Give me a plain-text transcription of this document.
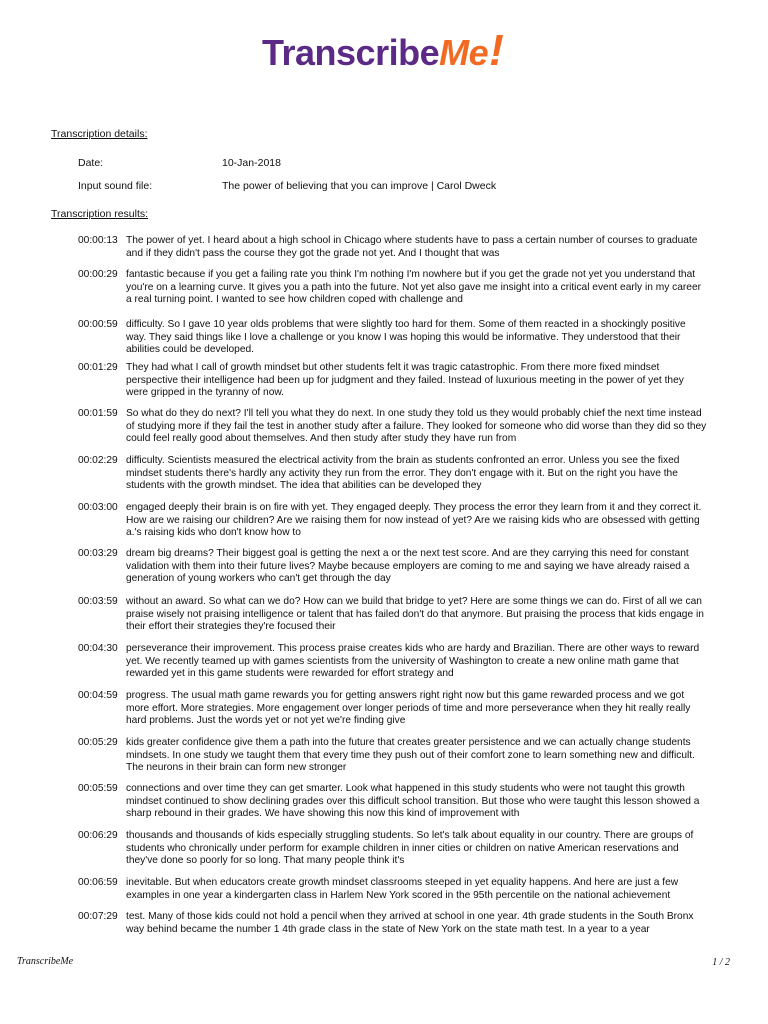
Transcribe Me !
Transcription details:
Date:	10-Jan-2018
Input sound file:	The power of believing that you can improve | Carol Dweck
Transcription results:
00:00:13 The power of yet. I heard about a high school in Chicago where students have to pass a certain number of courses to graduate and if they didn't pass the course they got the grade not yet. And I thought that was
00:00:29 fantastic because if you get a failing rate you think I'm nothing I'm nowhere but if you get the grade not yet you understand that you're on a learning curve. It gives you a path into the future. Not yet also gave me insight into a critical event early in my career a real turning point. I wanted to see how children coped with challenge and
00:00:59 difficulty. So I gave 10 year olds problems that were slightly too hard for them. Some of them reacted in a shockingly positive way. They said things like I love a challenge or you know I was hoping this would be informative. They understood that their abilities could be developed.
00:01:29 They had what I call of growth mindset but other students felt it was tragic catastrophic. From there more fixed mindset perspective their intelligence had been up for judgment and they failed. Instead of luxurious meeting in the power of yet they were gripped in the tyranny of now.
00:01:59 So what do they do next? I'll tell you what they do next. In one study they told us they would probably chief the next time instead of studying more if they fail the test in another study after a failure. They looked for someone who did worse than they did so they could feel really good about themselves. And then study after study they have run from
00:02:29 difficulty. Scientists measured the electrical activity from the brain as students confronted an error. Unless you see the fixed mindset students there's hardly any activity they run from the error. They don't engage with it. But on the right you have the students with the growth mindset. The idea that abilities can be developed they
00:03:00 engaged deeply their brain is on fire with yet. They engaged deeply. They process the error they learn from it and they correct it. How are we raising our children? Are we raising them for now instead of yet? Are we raising kids who are obsessed with getting a.'s raising kids who don't know how to
00:03:29 dream big dreams? Their biggest goal is getting the next a or the next test score. And are they carrying this need for constant validation with them into their future lives? Maybe because employers are coming to me and saying we have already raised a generation of young workers who can't get through the day
00:03:59 without an award. So what can we do? How can we build that bridge to yet? Here are some things we can do. First of all we can praise wisely not praising intelligence or talent that has failed don't do that anymore. But praising the process that kids engage in their effort their strategies they're focused their
00:04:30 perseverance their improvement. This process praise creates kids who are hardy and Brazilian. There are other ways to reward yet. We recently teamed up with games scientists from the university of Washington to create a new online math game that rewarded yet in this game students were rewarded for effort strategy and
00:04:59 progress. The usual math game rewards you for getting answers right right now but this game rewarded process and we got more effort. More strategies. More engagement over longer periods of time and more perseverance when they hit really really hard problems. Just the words yet or not yet we're finding give
00:05:29 kids greater confidence give them a path into the future that creates greater persistence and we can actually change students mindsets. In one study we taught them that every time they push out of their comfort zone to learn something new and difficult. The neurons in their brain can form new stronger
00:05:59 connections and over time they can get smarter. Look what happened in this study students who were not taught this growth mindset continued to show declining grades over this difficult school transition. But those who were taught this lesson showed a sharp rebound in their grades. We have showing this now this kind of improvement with
00:06:29 thousands and thousands of kids especially struggling students. So let's talk about equality in our country. There are groups of students who chronically under perform for example children in inner cities or children on native American reservations and they've done so poorly for so long. That many people think it's
00:06:59 inevitable. But when educators create growth mindset classrooms steeped in yet equality happens. And here are just a few examples in one year a kindergarten class in Harlem New York scored in the 95th percentile on the national achievement
00:07:29 test. Many of those kids could not hold a pencil when they arrived at school in one year. 4th grade students in the South Bronx way behind became the number 1 4th grade class in the state of New York on the state math test. In a year to a year
TranscribeMe	1 / 2
